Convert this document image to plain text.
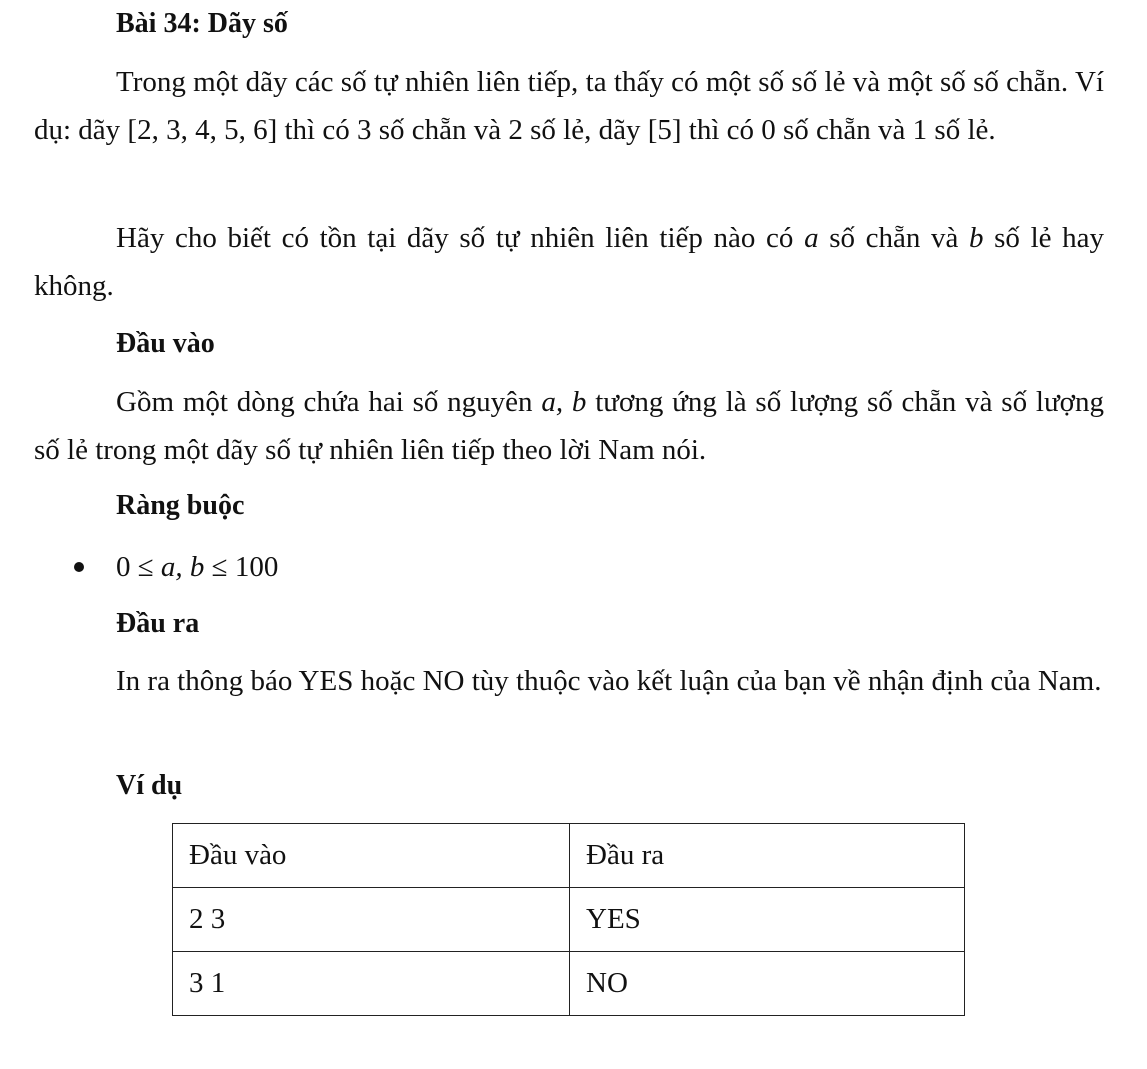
Bài 34: Dãy số

Trong một dãy các số tự nhiên liên tiếp, ta thấy có một số số lẻ và một số số chẵn. Ví dụ: dãy [2, 3, 4, 5, 6] thì có 3 số chẵn và 2 số lẻ, dãy [5] thì có 0 số chẵn và 1 số lẻ.

Hãy cho biết có tồn tại dãy số tự nhiên liên tiếp nào có a số chẵn và b số lẻ hay không.

Đầu vào

Gồm một dòng chứa hai số nguyên a, b tương ứng là số lượng số chẵn và số lượng số lẻ trong một dãy số tự nhiên liên tiếp theo lời Nam nói.

Ràng buộc
0 ≤ a, b ≤ 100
Đầu ra

In ra thông báo YES hoặc NO tùy thuộc vào kết luận của bạn về nhận định của Nam.

Ví dụ
Đầu vào	Đầu ra
2 3	YES
3 1	NO
